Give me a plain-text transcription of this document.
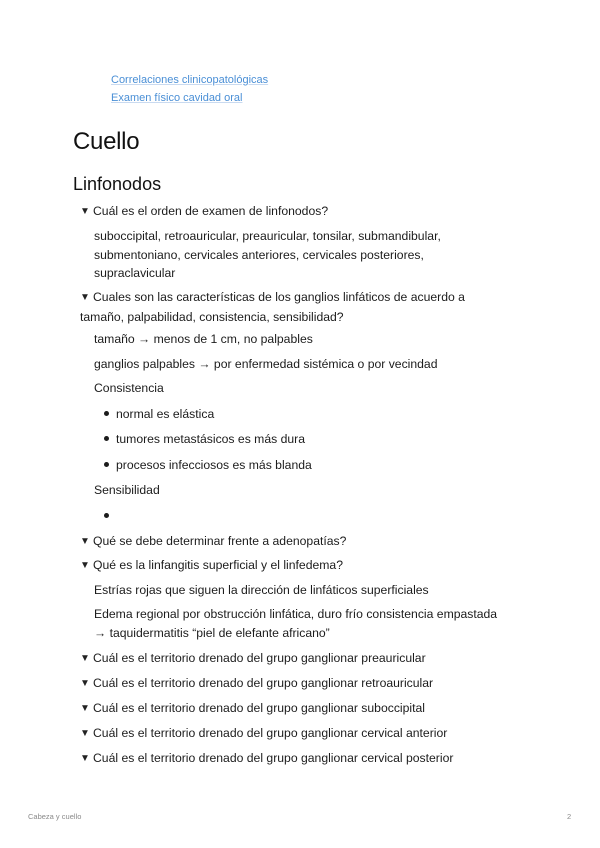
Correlaciones clinicopatológicas
Examen físico cavidad oral
Cuello
Linfonodos
▼ Cuál es el orden de examen de linfonodos?
suboccipital, retroauricular, preauricular, tonsilar, submandibular,
submentoniano, cervicales anteriores, cervicales posteriores,
supraclavicular
▼ Cuales son las características de los ganglios linfáticos de acuerdo a
tamaño, palpabilidad, consistencia, sensibilidad?
tamaño → menos de 1 cm, no palpables
ganglios palpables → por enfermedad sistémica o por vecindad
Consistencia
normal es elástica
tumores metastásicos es más dura
procesos infecciosos es más blanda
Sensibilidad
▼ Qué se debe determinar frente a adenopatías?
▼ Qué es la linfangitis superficial y el linfedema?
Estrías rojas que siguen la dirección de linfáticos superficiales
Edema regional por obstrucción linfática, duro frío consistencia empastada
→ taquidermatitis “piel de elefante africano”
▼ Cuál es el territorio drenado del grupo ganglionar preauricular
▼ Cuál es el territorio drenado del grupo ganglionar retroauricular
▼ Cuál es el territorio drenado del grupo ganglionar suboccipital
▼ Cuál es el territorio drenado del grupo ganglionar cervical anterior
▼ Cuál es el territorio drenado del grupo ganglionar cervical posterior
Cabeza y cuello	2
